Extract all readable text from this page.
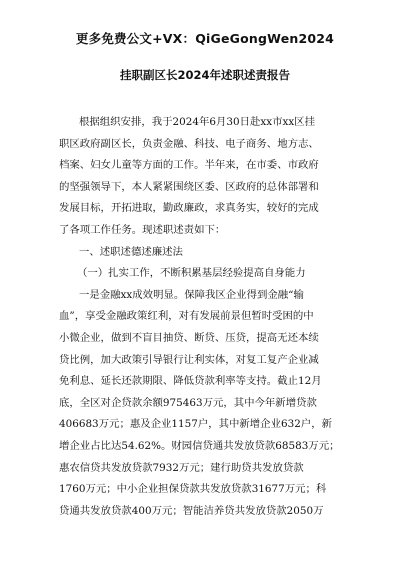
更多免费公文+VX：QiGeGongWen2024
挂职副区长2024年述职述责报告
根据组织安排，我于2024年6月30日赴xx市xx区挂
职区政府副区长，负责金融、科技、电子商务、地方志、
档案、妇女儿童等方面的工作。半年来，在市委、市政府
的坚强领导下，本人紧紧围绕区委、区政府的总体部署和
发展目标，开拓进取，勤政廉政，求真务实，较好的完成
了各项工作任务。现述职述责如下：
一、述职述德述廉述法
（一）扎实工作，不断积累基层经验提高自身能力
一是金融xx成效明显。保障我区企业得到金融“输
血”，享受金融政策红利，对有发展前景但暂时受困的中
小微企业，做到不盲目抽贷、断贷、压贷，提高无还本续
贷比例，加大政策引导银行让利实体，对复工复产企业减
免利息、延长还款期限、降低贷款利率等支持。截止12月
底，全区对企贷款余额975463万元，其中今年新增贷款
406683万元；惠及企业1157户，其中新增企业632户，新
增企业占比达54.62%。财园信贷通共发放贷款68583万元；
惠农信贷共发放贷款7932万元；建行助贷共发放贷款
1760万元；中小企业担保贷款共发放贷款31677万元；科
贷通共发放贷款400万元；智能洁养贷共发放贷款2050万
